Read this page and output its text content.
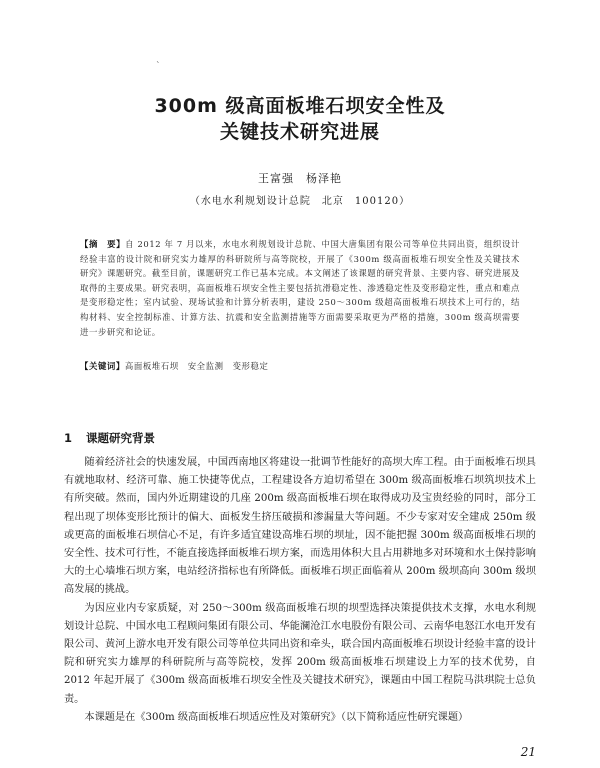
`
300m 级高面板堆石坝安全性及
关键技术研究进展
王富强　杨泽艳
（水电水利规划设计总院　北京　100120）
【摘　要】自 2012 年 7 月以来，水电水利规划设计总院、中国大唐集团有限公司等单位共同出资，组织设计经验丰富的设计院和研究实力雄厚的科研院所与高等院校，开展了《300m 级高面板堆石坝安全性及关键技术研究》课题研究。截至目前，课题研究工作已基本完成。本文阐述了该课题的研究背景、主要内容、研究进展及取得的主要成果。研究表明，高面板堆石坝安全性主要包括抗滑稳定性、渗透稳定性及变形稳定性，重点和难点是变形稳定性；室内试验、现场试验和计算分析表明，建设 250～300m 级超高面板堆石坝技术上可行的，结构材料、安全控制标准、计算方法、抗震和安全监测措施等方面需要采取更为严格的措施，300m 级高坝需要进一步研究和论证。
【关键词】高面板堆石坝　安全监测　变形稳定
1 课题研究背景

随着经济社会的快速发展，中国西南地区将建设一批调节性能好的高坝大库工程。由于面板堆石坝具有就地取材、经济可靠、施工快捷等优点，工程建设各方迫切希望在 300m 级高面板堆石坝筑坝技术上有所突破。然而，国内外近期建设的几座 200m 级高面板堆石坝在取得成功及宝贵经验的同时，部分工程出现了坝体变形比预计的偏大、面板发生挤压破损和渗漏量大等问题。不少专家对安全建成 250m 级或更高的面板堆石坝信心不足，有许多适宜建设高堆石坝的坝址，因不能把握 300m 级高面板堆石坝的安全性、技术可行性，不能直接选择面板堆石坝方案，而选用体积大且占用耕地多对环境和水土保持影响大的土心墙堆石坝方案，电站经济指标也有所降低。面板堆石坝正面临着从 200m 级坝高向 300m 级坝高发展的挑战。

为因应业内专家质疑，对 250～300m 级高面板堆石坝的坝型选择决策提供技术支撑，水电水利规划设计总院、中国水电工程顾问集团有限公司、华能澜沧江水电股份有限公司、云南华电怒江水电开发有限公司、黄河上游水电开发有限公司等单位共同出资和牵头，联合国内高面板堆石坝设计经验丰富的设计院和研究实力雄厚的科研院所与高等院校，发挥 200m 级高面板堆石坝建设上力军的技术优势，自 2012 年起开展了《300m 级高面板堆石坝安全性及关键技术研究》，课题由中国工程院马洪琪院士总负责。

本课题是在《300m 级高面板堆石坝适应性及对策研究》（以下简称适应性研究课题）

21
